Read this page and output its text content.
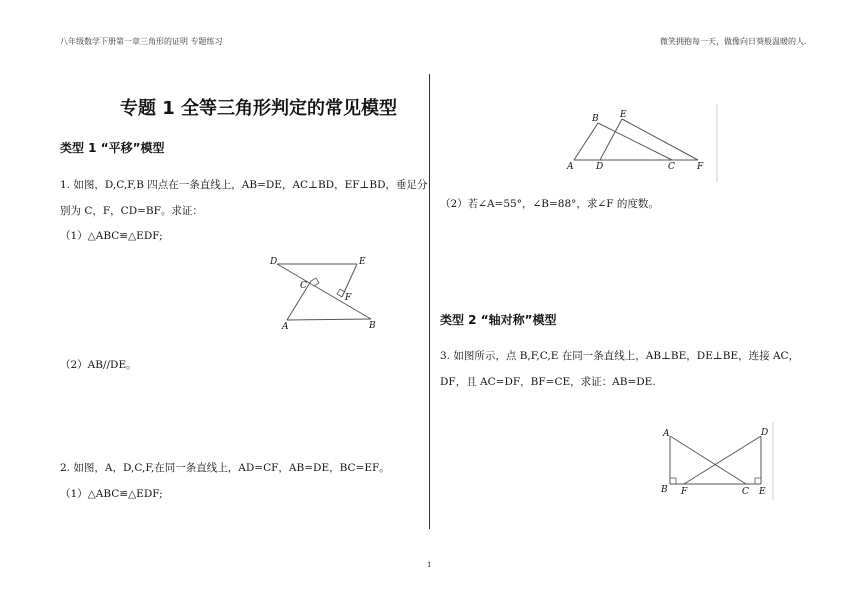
八年级数学下册第一章三角形的证明 专题练习	微笑拥抱每一天，做像向日葵般温暖的人.
专题 1 全等三角形判定的常见模型
类型 1 “平移”模型
1. 如图，D,C,F,B 四点在一条直线上，AB=DE，AC⊥BD，EF⊥BD，垂足分
别为 C，F，CD=BF。求证：
（1）△ABC≌△EDF;
D	E
C
F
A	B
（2）AB//DE。
2. 如图，A，D,C,F,在同一条直线上，AD=CF，AB=DE，BC=EF。
（1）△ABC≌△EDF;
B E
A	D	C F
（2）若∠A=55°，∠B=88°，求∠F 的度数。
类型 2 “轴对称”模型
3. 如图所示，点 B,F,C,E 在同一条直线上，AB⊥BE，DE⊥BE，连接 AC，
DF，且 AC=DF，BF=CE，求证：AB=DE.
A	D
B F	C E
1
